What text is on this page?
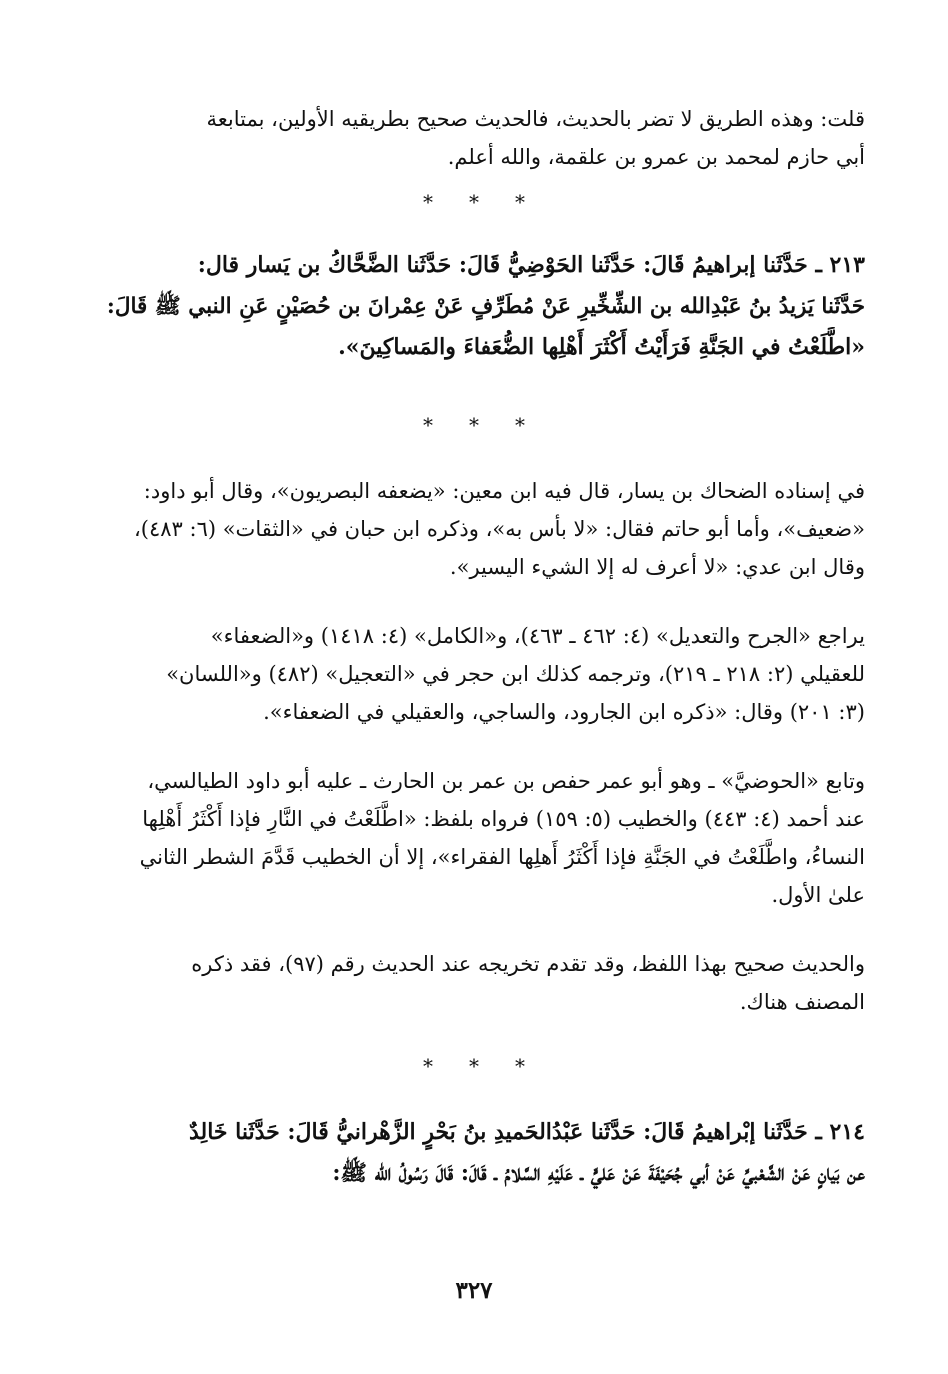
قلت: وهذه الطريق لا تضر بالحديث، فالحديث صحيح بطريقيه الأولين، بمتابعة
أبي حازم لمحمد بن عمرو بن علقمة، والله أعلم.
* * *
٢١٣ ـ حَدَّثَنا إبراهيمُ قَالَ: حَدَّثَنا الحَوْضِيُّ قَالَ: حَدَّثَنا الضَّحَّاكُ بن يَسار قال:
حَدَّثَنا يَزيدُ بنُ عَبْدِالله بن الشِّخِّيرِ عَنْ مُطَرِّفٍ عَنْ عِمْرانَ بن حُصَيْنٍ عَنِ النبي ﷺ قَالَ:
«اطَّلَعْتُ في الجَنَّةِ فَرَأَيْتُ أَكْثَرَ أَهْلِها الضُّعَفاءَ والمَساكِينَ».
* * *
في إسناده الضحاك بن يسار، قال فيه ابن معين: «يضعفه البصريون»، وقال أبو داود:
«ضعيف»، وأما أبو حاتم فقال: «لا بأس به»، وذكره ابن حبان في «الثقات» (٦: ٤٨٣)،
وقال ابن عدي: «لا أعرف له إلا الشيء اليسير».
يراجع «الجرح والتعديل» (٤: ٤٦٢ ـ ٤٦٣)، و«الكامل» (٤: ١٤١٨) و«الضعفاء»
للعقيلي (٢: ٢١٨ ـ ٢١٩)، وترجمه كذلك ابن حجر في «التعجيل» (٤٨٢) و«اللسان»
(٣: ٢٠١) وقال: «ذكره ابن الجارود، والساجي، والعقيلي في الضعفاء».
وتابع «الحوضيَّ» ـ وهو أبو عمر حفص بن عمر بن الحارث ـ عليه أبو داود الطيالسي،
عند أحمد (٤: ٤٤٣) والخطيب (٥: ١٥٩) فرواه بلفظ: «اطَّلَعْتُ في النَّارِ فإذا أَكْثَرُ أَهْلِها
النساءُ، واطَّلَعْتُ في الجَنَّةِ فإذا أَكْثَرُ أَهلِها الفقراء»، إلا أن الخطيب قَدَّمَ الشطر الثاني
علىٰ الأول.
والحديث صحيح بهذا اللفظ، وقد تقدم تخريجه عند الحديث رقم (٩٧)، فقد ذكره
المصنف هناك.
* * *
٢١٤ ـ حَدَّثَنا إبْراهيمُ قَالَ: حَدَّثَنا عَبْدُالحَميدِ بنُ بَحْرٍ الزَّهْرانيُّ قَالَ: حَدَّثَنا خَالِدٌ
عن بَيانٍ عَنْ الشَّعْبيِّ عَنْ أبي جُحَيْفَةَ عَنْ عَليٍّ ـ عَلَيْهِ السَّلامُ ـ قَالَ: قَالَ رَسُولُ الله ﷺ:
٣٢٧
